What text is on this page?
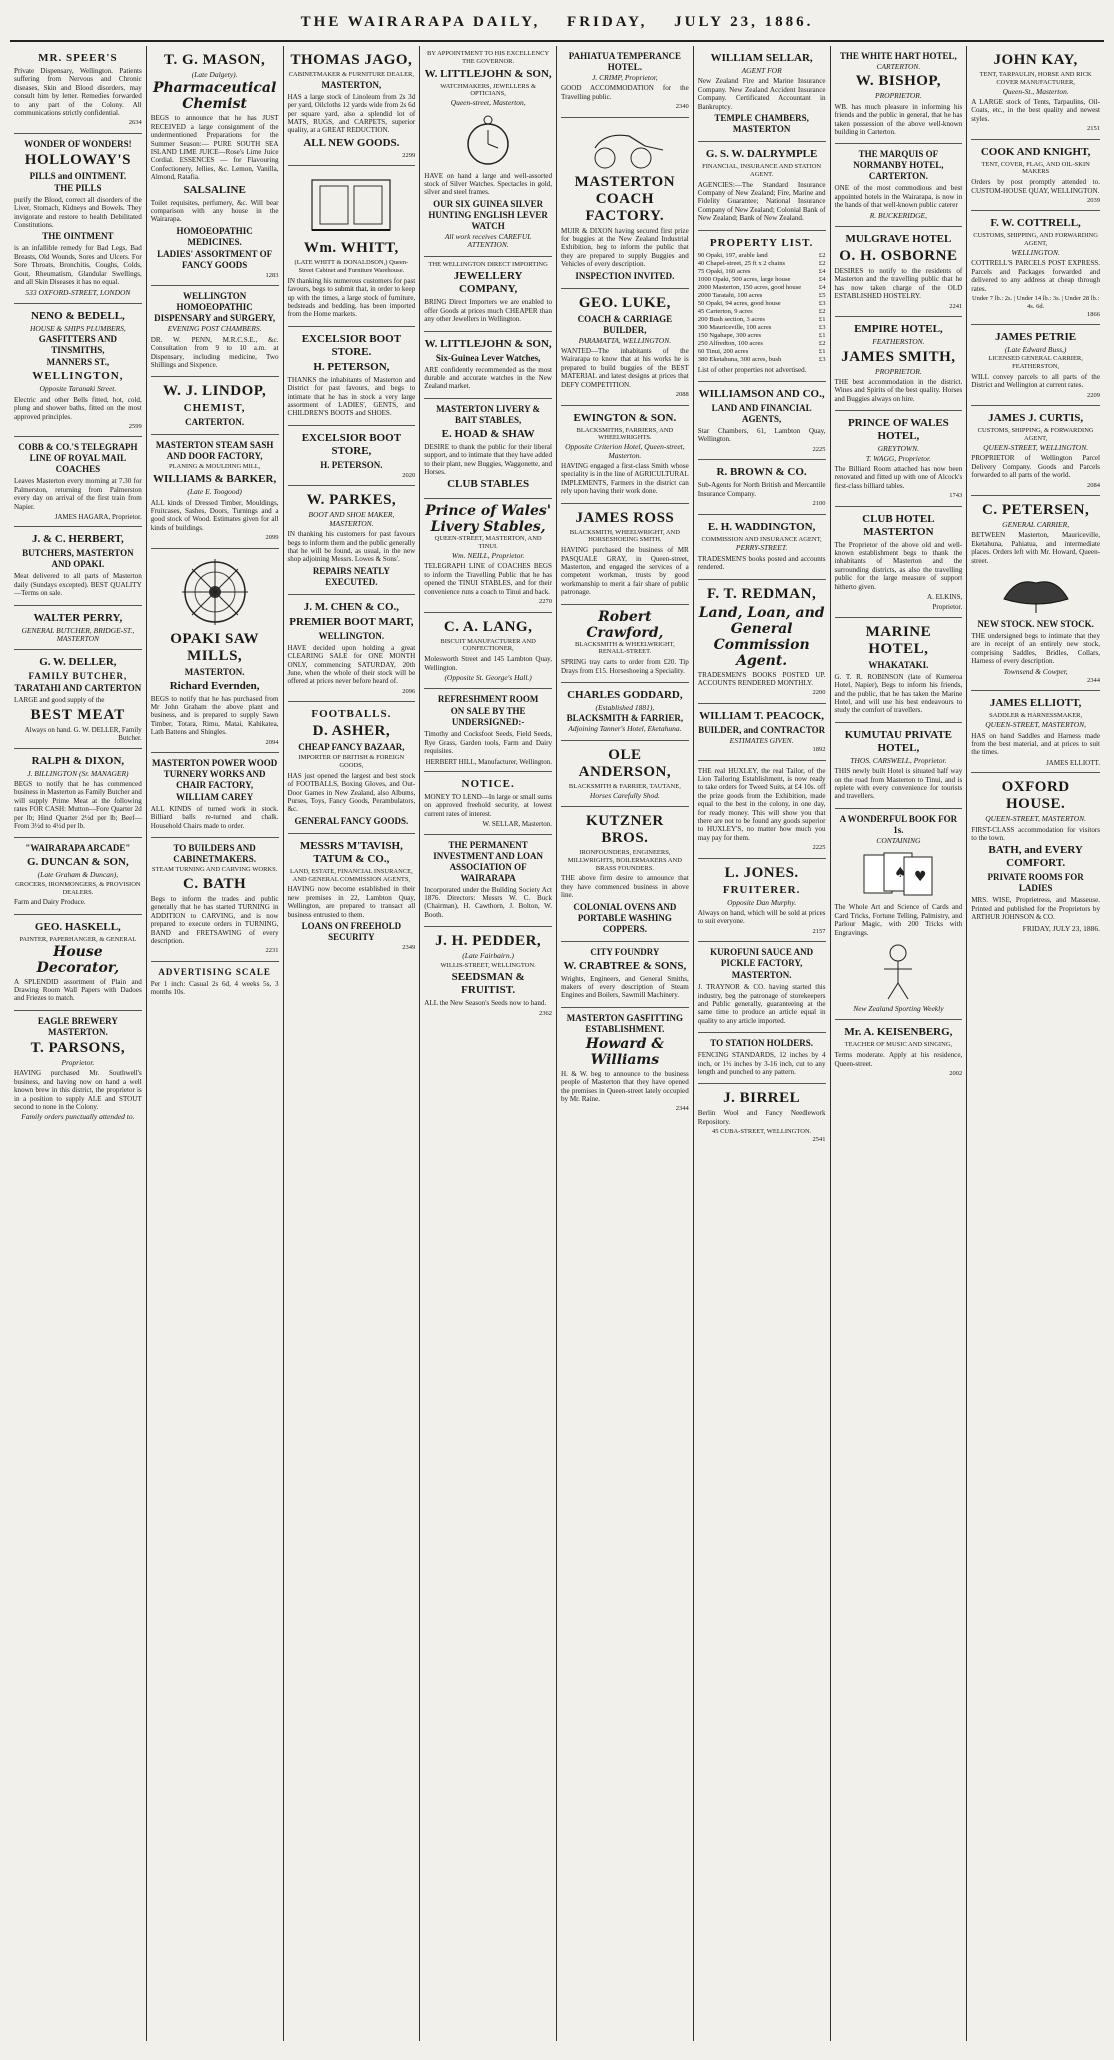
THE WAIRARAPA DAILY, FRIDAY, JULY 23, 1886.
MR. SPEER'S
Private Dispensary, Wellington. Patients suffering from Nervous and Chronic diseases, Skin and Blood disorders, may consult him by letter. Remedies forwarded to any part of the Colony. All communications strictly confidential.
2634
WONDER OF WONDERS!
HOLLOWAY'S
PILLS and OINTMENT.
THE PILLS
purify the Blood, correct all disorders of the Liver, Stomach, Kidneys and Bowels. They invigorate and restore to health Debilitated Constitutions.
THE OINTMENT
is an infallible remedy for Bad Legs, Bad Breasts, Old Wounds, Sores and Ulcers. For Sore Throats, Bronchitis, Coughs, Colds, Gout, Rheumatism, Glandular Swellings, and all Skin Diseases it has no equal.
533 OXFORD-STREET, LONDON
NENO & BEDELL,
HOUSE & SHIPS PLUMBERS,
GASFITTERS AND TINSMITHS,
MANNERS ST.,
WELLINGTON,
Opposite Taranaki Street.
Electric and other Bells fitted, hot, cold, plung and shower baths, fitted on the most approved principles.
2599
COBB & CO.'S TELEGRAPH LINE OF ROYAL MAIL COACHES
Leaves Masterton every morning at 7.30 for Palmerston, returning from Palmerston every day on arrival of the first train from Napier.
JAMES HAGARA, Proprietor.
J. & C. HERBERT,
BUTCHERS, MASTERTON AND OPAKI.
Meat delivered to all parts of Masterton daily (Sundays excepted). BEST QUALITY—Terms on sale.
WALTER PERRY,
GENERAL BUTCHER, BRIDGE-ST., MASTERTON
G. W. DELLER,
FAMILY BUTCHER,
TARATAHI AND CARTERTON
LARGE and good supply of the
BEST MEAT
Always on hand. G. W. DELLER, Family Butcher.
RALPH & DIXON,
J. BILLINGTON (Sr. MANAGER)
BEGS to notify that he has commenced business in Masterton as Family Butcher and will supply Prime Meat at the following rates FOR CASH: Mutton—Fore Quarter 2d per lb; Hind Quarter 2½d per lb; Beef—From 3½d to 4½d per lb.
"WAIRARAPA ARCADE"
G. DUNCAN & SON,
(Late Graham & Duncan),
GROCERS, IRONMONGERS, & PROVISION DEALERS.
Farm and Dairy Produce.
GEO. HASKELL,
PAINTER, PAPERHANGER, & GENERAL
House Decorator,
A SPLENDID assortment of Plain and Drawing Room Wall Papers with Dadoes and Friezes to match.
EAGLE BREWERY MASTERTON.
T. PARSONS,
Proprietor.
HAVING purchased Mr. Southwell's business, and having now on hand a well known brew in this district, the proprietor is in a position to supply ALE and STOUT second to none in the Colony.
Family orders punctually attended to.
T. G. MASON,
(Late Dalgety).
Pharmaceutical Chemist
BEGS to announce that he has JUST RECEIVED a large consignment of the undermentioned Preparations for the Summer Season:— PURE SOUTH SEA ISLAND LIME JUICE—Rose's Lime Juice Cordial. ESSENCES — for Flavouring Confectionery, Jellies, &c. Lemon, Vanilla, Almond, Ratafia.
SALSALINE
Toilet requisites, perfumery, &c. Will bear comparison with any house in the Wairarapa.
HOMOEOPATHIC MEDICINES.
LADIES' ASSORTMENT OF FANCY GOODS
1283
WELLINGTON HOMOEOPATHIC DISPENSARY and SURGERY,
EVENING POST CHAMBERS.
DR. W. PENN, M.R.C.S.E., &c. Consultation from 9 to 10 a.m. at Dispensary, including medicine, Two Shillings and Sixpence.
W. J. LINDOP,
CHEMIST,
CARTERTON.
MASTERTON STEAM SASH AND DOOR FACTORY,
PLANING & MOULDING MILL,
WILLIAMS & BARKER,
(Late E. Toogood)
ALL kinds of Dressed Timber, Mouldings, Fruitcases, Sashes, Doors, Turnings and a good stock of Wood. Estimates given for all kinds of buildings.
2099
OPAKI SAW MILLS,
MASTERTON.
Richard Evernden,
BEGS to notify that he has purchased from Mr John Graham the above plant and business, and is prepared to supply Sawn Timber, Totara, Rimu, Matai, Kahikatea, Lath Battens and Shingles.
2094
MASTERTON POWER WOOD TURNERY WORKS AND CHAIR FACTORY,
WILLIAM CAREY
ALL KINDS of turned work in stock. Billiard balls re-turned and chalk. Household Chairs made to order.
TO BUILDERS AND CABINETMAKERS.
STEAM TURNING AND CARVING WORKS.
C. BATH
Begs to inform the trades and public generally that he has started TURNING in ADDITION to CARVING, and is now prepared to execute orders in TURNING, BAND and FRETSAWING of every description.
2231
ADVERTISING SCALE
Per 1 inch: Casual 2s 6d, 4 weeks 5s, 3 months 10s.
THOMAS JAGO,
CABINETMAKER & FURNITURE DEALER,
MASTERTON,
HAS a large stock of Linoleum from 2s 3d per yard, Oilcloths 12 yards wide from 2s 6d per square yard, also a splendid lot of MATS, RUGS, and CARPETS, superior quality, at a GREAT REDUCTION.
ALL NEW GOODS.
2299
Wm. WHITT,
(LATE WHITT & DONALDSON,) Queen-Street Cabinet and Furniture Warehouse.
IN thanking his numerous customers for past favours, begs to submit that, in order to keep up with the times, a large stock of furniture, bedsteads and bedding, has been imported from the Home markets.
EXCELSIOR BOOT STORE.
H. PETERSON,
THANKS the inhabitants of Masterton and District for past favours, and begs to intimate that he has in stock a very large assortment of LADIES', GENTS, and CHILDREN'S BOOTS and SHOES.
EXCELSIOR BOOT STORE,
H. PETERSON.
2020
W. PARKES,
BOOT AND SHOE MAKER, MASTERTON.
IN thanking his customers for past favours begs to inform them and the public generally that he will be found, as usual, in the new shop adjoining Messrs. Lowes & Sons'.
REPAIRS NEATLY EXECUTED.
J. M. CHEN & CO.,
PREMIER BOOT MART,
WELLINGTON.
HAVE decided upon holding a great CLEARING SALE for ONE MONTH ONLY, commencing SATURDAY, 20th June, when the whole of their stock will be offered at prices never before heard of.
2096
FOOTBALLS.
D. ASHER,
CHEAP FANCY BAZAAR,
IMPORTER OF BRITISH & FOREIGN GOODS,
HAS just opened the largest and best stock of FOOTBALLS, Boxing Gloves, and Out-Door Games in New Zealand, also Albums, Purses, Toys, Fancy Goods, Perambulators, &c.
GENERAL FANCY GOODS.
MESSRS M'TAVISH, TATUM & CO.,
LAND, ESTATE, FINANCIAL INSURANCE, AND GENERAL COMMISSION AGENTS,
HAVING now become established in their new premises in 22, Lambton Quay, Wellington, are prepared to transact all business entrusted to them.
LOANS ON FREEHOLD SECURITY
2349
BY APPOINTMENT TO HIS EXCELLENCY THE GOVERNOR.
W. LITTLEJOHN & SON,
WATCHMAKERS, JEWELLERS & OPTICIANS,
Queen-street, Masterton,
HAVE on hand a large and well-assorted stock of Silver Watches. Spectacles in gold, silver and steel frames.
OUR SIX GUINEA SILVER HUNTING ENGLISH LEVER WATCH
All work receives CAREFUL ATTENTION.
THE WELLINGTON DIRECT IMPORTING
JEWELLERY COMPANY,
BRING Direct Importers we are enabled to offer Goods at prices much CHEAPER than any other Jewellers in Wellington.
W. LITTLEJOHN & SON,
Six-Guinea Lever Watches,
ARE confidently recommended as the most durable and accurate watches in the New Zealand market.
MASTERTON LIVERY & BAIT STABLES,
E. HOAD & SHAW
DESIRE to thank the public for their liberal support, and to intimate that they have added to their plant, new Buggies, Waggonette, and Horses.
CLUB STABLES
Prince of Wales' Livery Stables,
QUEEN-STREET, MASTERTON, AND TINUI.
Wm. NEILL, Proprietor.
TELEGRAPH LINE of COACHES BEGS to inform the Travelling Public that he has opened the TINUI STABLES, and for their convenience runs a coach to Tinui and back.
2270
C. A. LANG,
BISCUIT MANUFACTURER AND CONFECTIONER,
Molesworth Street and 145 Lambton Quay, Wellington.
(Opposite St. George's Hall.)
REFRESHMENT ROOM
ON SALE BY THE UNDERSIGNED:-
Timothy and Cocksfoot Seeds, Field Seeds, Rye Grass, Garden tools, Farm and Dairy requisites.
HERBERT HILL, Manufacturer, Wellington.
NOTICE.
MONEY TO LEND—In large or small sums on approved freehold security, at lowest current rates of interest.
W. SELLAR, Masterton.
THE PERMANENT INVESTMENT AND LOAN ASSOCIATION OF WAIRARAPA
Incorporated under the Building Society Act 1876. Directors: Messrs W. C. Buck (Chairman), H. Cawthorn, J. Bolton, W. Booth.
J. H. PEDDER,
(Late Fairbairn.)
WILLIS-STREET, WELLINGTON.
SEEDSMAN & FRUITIST.
ALL the New Season's Seeds now to hand.
2362
PAHIATUA TEMPERANCE HOTEL.
J. CRIMP, Proprietor,
GOOD ACCOMMODATION for the Travelling public.
2340
MASTERTON COACH FACTORY.
MUIR & DIXON having secured first prize for buggies at the New Zealand Industrial Exhibition, beg to inform the public that they are prepared to supply Buggies and Vehicles of every description.
INSPECTION INVITED.
GEO. LUKE,
COACH & CARRIAGE BUILDER,
PARAMATTA, WELLINGTON.
WANTED—The inhabitants of the Wairarapa to know that at his works he is prepared to build buggies of the BEST MATERIAL and latest designs at prices that DEFY COMPETITION.
2088
EWINGTON & SON.
BLACKSMITHS, FARRIERS, AND WHEELWRIGHTS.
Opposite Criterion Hotel, Queen-street, Masterton.
HAVING engaged a first-class Smith whose speciality is in the line of AGRICULTURAL IMPLEMENTS, Farmers in the district can rely upon having their work done.
JAMES ROSS
BLACKSMITH, WHEELWRIGHT, AND HORSESHOEING SMITH.
HAVING purchased the business of MR PASQUALE GRAY, in Queen-street, Masterton, and engaged the services of a competent workman, trusts by good workmanship to merit a fair share of public patronage.
Robert Crawford,
BLACKSMITH & WHEELWRIGHT, RENALL-STREET.
SPRING tray carts to order from £20. Tip Drays from £15. Horseshoeing a Speciality.
CHARLES GODDARD,
(Established 1881),
BLACKSMITH & FARRIER,
Adjoining Tanner's Hotel, Eketahuna.
OLE ANDERSON,
BLACKSMITH & FARRIER, TAUTANE,
Horses Carefully Shod.
KUTZNER BROS.
IRONFOUNDERS, ENGINEERS, MILLWRIGHTS, BOILERMAKERS AND BRASS FOUNDERS.
THE above firm desire to announce that they have commenced business in above line.
COLONIAL OVENS AND PORTABLE WASHING COPPERS.
CITY FOUNDRY
W. CRABTREE & SONS,
Wrights, Engineers, and General Smiths, makers of every description of Steam Engines and Boilers, Sawmill Machinery.
MASTERTON GASFITTING ESTABLISHMENT.
Howard & Williams
H. & W. beg to announce to the business people of Masterton that they have opened the premises in Queen-street lately occupied by Mr. Raine.
2344
WILLIAM SELLAR,
AGENT FOR
New Zealand Fire and Marine Insurance Company. New Zealand Accident Insurance Company. Certificated Accountant in Bankruptcy.
TEMPLE CHAMBERS, MASTERTON
G. S. W. DALRYMPLE
FINANCIAL, INSURANCE AND STATION AGENT.
AGENCIES:—The Standard Insurance Company of New Zealand; Fire, Marine and Fidelity Guarantee; National Insurance Company of New Zealand; Colonial Bank of New Zealand; Bank of New Zealand.
PROPERTY LIST.
90 Opaki, 197, arable land	£2
40 Chapel-street, 25 ft x 2 chains	£2
75 Opaki, 160 acres	£4
1000 Opaki, 500 acres, large house	£4
2000 Masterton, 150 acres, good house	£4
2000 Taratahi, 100 acres	£5
50 Opaki, 94 acres, good house	£3
45 Carterton, 9 acres	£2
200 Bush section, 3 acres	£1
300 Mauriceville, 100 acres	£3
150 Ngahape, 300 acres	£1
250 Alfredton, 100 acres	£2
60 Tinui, 200 acres	£1
380 Eketahuna, 300 acres, bush	£3
List of other properties not advertised.
WILLIAMSON AND CO.,
LAND AND FINANCIAL AGENTS,
Star Chambers, 61, Lambton Quay, Wellington.
2225
R. BROWN & CO.
Sub-Agents for North British and Mercantile Insurance Company.
2100
E. H. WADDINGTON,
COMMISSION AND INSURANCE AGENT,
PERRY-STREET.
TRADESMEN'S books posted and accounts rendered.
F. T. REDMAN,
Land, Loan, and General
Commission Agent.
TRADESMEN'S BOOKS POSTED UP. ACCOUNTS RENDERED MONTHLY.
2200
WILLIAM T. PEACOCK,
BUILDER, and CONTRACTOR
ESTIMATES GIVEN.
1892
THE real HUXLEY, the real Tailor, of the Lion Tailoring Establishment, is now ready to take orders for Tweed Suits, at £4 10s. off the prize goods from the Exhibition, made equal to the best in the colony, in one day, for ready money. This will show you that there are not to be found any goods superior to HUXLEY'S, no matter how much you may pay for them.
2225
L. JONES.
FRUITERER.
Opposite Dan Murphy.
Always on hand, which will be sold at prices to suit everyone.
2157
KUROFUNI SAUCE AND PICKLE FACTORY,
MASTERTON.
J. TRAYNOR & CO. having started this industry, beg the patronage of storekeepers and Public generally, guaranteeing at the same time to produce an article equal in quality to any article imported.
TO STATION HOLDERS.
FENCING STANDARDS, 12 inches by 4 inch, or 1½ inches by 3-16 inch, cut to any length and punched to any pattern.
J. BIRREL
Berlin Wool and Fancy Needlework Repository.
45 CUBA-STREET, WELLINGTON.
2541
THE WHITE HART HOTEL,
CARTERTON.
W. BISHOP,
PROPRIETOR.
WB. has much pleasure in informing his friends and the public in general, that he has taken possession of the above well-known building in Carterton.
THE MARQUIS OF NORMANBY HOTEL, CARTERTON.
ONE of the most commodious and best appointed hotels in the Wairarapa, is now in the hands of that well-known public caterer
R. BUCKERIDGE,
MULGRAVE HOTEL
O. H. OSBORNE
DESIRES to notify to the residents of Masterton and the travelling public that he has now taken charge of the OLD ESTABLISHED HOSTELRY.
2241
EMPIRE HOTEL,
FEATHERSTON.
JAMES SMITH,
PROPRIETOR.
THE best accommodation in the district. Wines and Spirits of the best quality. Horses and Buggies always on hire.
PRINCE OF WALES HOTEL,
GREYTOWN.
T. WAGG, Proprietor.
The Billiard Room attached has now been renovated and fitted up with one of Alcock's first-class billiard tables.
1743
CLUB HOTEL MASTERTON
The Proprietor of the above old and well-known establishment begs to thank the inhabitants of Masterton and the surrounding districts, as also the travelling public for the large measure of support hitherto given.
A. ELKINS,
Proprietor.
MARINE HOTEL,
WHAKATAKI.
G. T. R. ROBINSON (late of Kumeroa Hotel, Napier), Begs to inform his friends, and the public, that he has taken the Marine Hotel, and will use his best endeavours to study the comfort of travellers.
KUMUTAU PRIVATE HOTEL,
THOS. CARSWELL, Proprietor.
THIS newly built Hotel is situated half way on the road from Masterton to Tinui, and is replete with every convenience for tourists and travellers.
A WONDERFUL BOOK FOR 1s.
CONTAINING
♠ ♥
The Whole Art and Science of Cards and Card Tricks, Fortune Telling, Palmistry, and Parlour Magic, with 200 Tricks with Engravings.
New Zealand Sporting Weekly
Mr. A. KEISENBERG,
TEACHER OF MUSIC AND SINGING,
Terms moderate. Apply at his residence, Queen-street.
2002
JOHN KAY,
TENT, TARPAULIN, HORSE AND RICK COVER MANUFACTURER,
Queen-St., Masterton.
A LARGE stock of Tents, Tarpaulins, Oil-Coats, etc., in the best quality and newest styles.
2151
COOK AND KNIGHT,
TENT, COVER, FLAG, AND OIL-SKIN MAKERS
Orders by post promptly attended to. CUSTOM-HOUSE QUAY, WELLINGTON.
2039
F. W. COTTRELL,
CUSTOMS, SHIPPING, AND FORWARDING AGENT,
WELLINGTON.
COTTRELL'S PARCELS POST EXPRESS. Parcels and Packages forwarded and delivered to any address at cheap through rates.
Under 7 lb.: 2s. | Under 14 lb.: 3s. | Under 28 lb.: 4s. 6d.
1866
JAMES PETRIE
(Late Edward Buss,)
LICENSED GENERAL CARRIER, FEATHERSTON,
WILL convey parcels to all parts of the District and Wellington at current rates.
2209
JAMES J. CURTIS,
CUSTOMS, SHIPPING, & FORWARDING AGENT,
QUEEN-STREET, WELLINGTON.
PROPRIETOR of Wellington Parcel Delivery Company. Goods and Parcels forwarded to all parts of the world.
2084
C. PETERSEN,
GENERAL CARRIER,
BETWEEN Masterton, Mauriceville, Eketahuna, Pahiatua, and intermediate places. Orders left with Mr. Howard, Queen-street.
NEW STOCK. NEW STOCK.
THE undersigned begs to intimate that they are in receipt of an entirely new stock, comprising Saddles, Bridles, Collars, Harness of every description.
Townsend & Cowper,
2344
JAMES ELLIOTT,
SADDLER & HARNESSMAKER,
QUEEN-STREET, MASTERTON,
HAS on hand Saddles and Harness made from the best material, and at prices to suit the times.
JAMES ELLIOTT.
OXFORD HOUSE.
QUEEN-STREET, MASTERTON.
FIRST-CLASS accommodation for visitors to the town.
BATH, and EVERY COMFORT.
PRIVATE ROOMS FOR LADIES
MRS. WISE, Proprietress, and Masseuse. Printed and published for the Proprietors by ARTHUR JOHNSON & CO.
FRIDAY, JULY 23, 1886.
